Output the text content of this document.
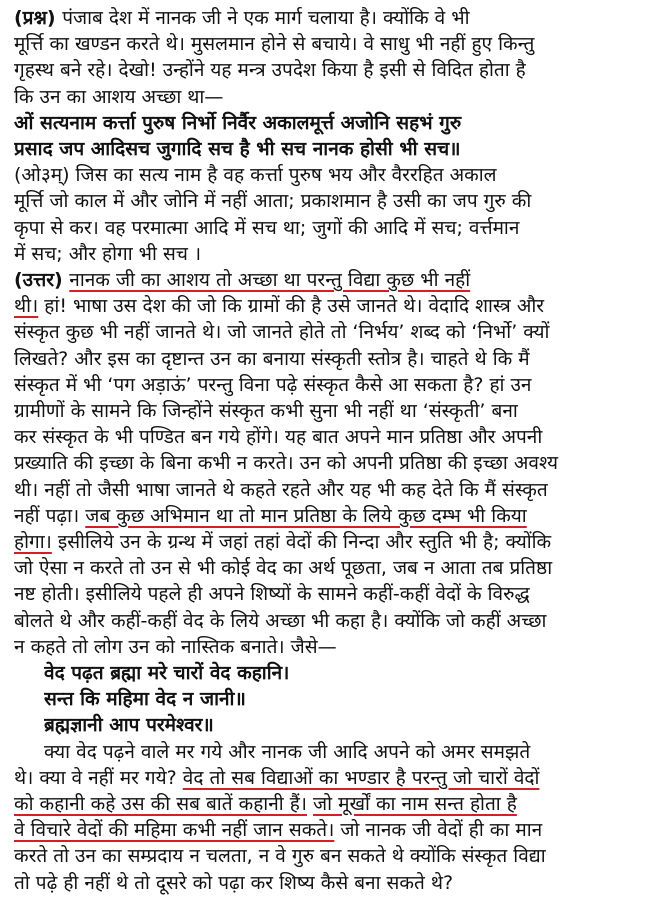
(प्रश्न) पंजाब देश में नानक जी ने एक मार्ग चलाया है। क्योंकि वे भी
मूर्त्ति का खण्डन करते थे। मुसलमान होने से बचाये। वे साधु भी नहीं हुए किन्तु
गृहस्थ बने रहे। देखो! उन्होंने यह मन्त्र उपदेश किया है इसी से विदित होता है
कि उन का आशय अच्छा था—
ओं सत्यनाम कर्त्ता पुरुष निर्भो निर्वैर अकालमूर्त्त अजोनि सहभं गुरु
प्रसाद जप आदिसच जुगादि सच है भी सच नानक होसी भी सच॥
(ओ३म्) जिस का सत्य नाम है वह कर्त्ता पुरुष भय और वैररहित अकाल
मूर्त्ति जो काल में और जोनि में नहीं आता; प्रकाशमान है उसी का जप गुरु की
कृपा से कर। वह परमात्मा आदि में सच था; जुगों की आदि में सच; वर्त्तमान
में सच; और होगा भी सच ।
(उत्तर) नानक जी का आशय तो अच्छा था परन्तु विद्या कुछ भी नहीं
थी। हां! भाषा उस देश की जो कि ग्रामों की है उसे जानते थे। वेदादि शास्त्र और
संस्कृत कुछ भी नहीं जानते थे। जो जानते होते तो ‘निर्भय’ शब्द को ‘निर्भो’ क्यों
लिखते? और इस का दृष्टान्त उन का बनाया संस्कृती स्तोत्र है। चाहते थे कि मैं
संस्कृत में भी ‘पग अड़ाऊं’ परन्तु विना पढ़े संस्कृत कैसे आ सकता है? हां उन
ग्रामीणों के सामने कि जिन्होंने संस्कृत कभी सुना भी नहीं था ‘संस्कृती’ बना
कर संस्कृत के भी पण्डित बन गये होंगे। यह बात अपने मान प्रतिष्ठा और अपनी
प्रख्याति की इच्छा के बिना कभी न करते। उन को अपनी प्रतिष्ठा की इच्छा अवश्य
थी। नहीं तो जैसी भाषा जानते थे कहते रहते और यह भी कह देते कि मैं संस्कृत
नहीं पढ़ा। जब कुछ अभिमान था तो मान प्रतिष्ठा के लिये कुछ दम्भ भी किया
होगा। इसीलिये उन के ग्रन्थ में जहां तहां वेदों की निन्दा और स्तुति भी है; क्योंकि
जो ऐसा न करते तो उन से भी कोई वेद का अर्थ पूछता, जब न आता तब प्रतिष्ठा
नष्ट होती। इसीलिये पहले ही अपने शिष्यों के सामने कहीं-कहीं वेदों के विरुद्ध
बोलते थे और कहीं-कहीं वेद के लिये अच्छा भी कहा है। क्योंकि जो कहीं अच्छा
न कहते तो लोग उन को नास्तिक बनाते। जैसे—
वेद पढ़त ब्रह्मा मरे चारों वेद कहानि।
सन्त कि महिमा वेद न जानी॥
ब्रह्मज्ञानी आप परमेश्वर॥
क्या वेद पढ़ने वाले मर गये और नानक जी आदि अपने को अमर समझते
थे। क्या वे नहीं मर गये? वेद तो सब विद्याओं का भण्डार है परन्तु जो चारों वेदों
को कहानी कहे उस की सब बातें कहानी हैं। जो मूर्खों का नाम सन्त होता है
वे विचारे वेदों की महिमा कभी नहीं जान सकते। जो नानक जी वेदों ही का मान
करते तो उन का सम्प्रदाय न चलता, न वे गुरु बन सकते थे क्योंकि संस्कृत विद्या
तो पढ़े ही नहीं थे तो दूसरे को पढ़ा कर शिष्य कैसे बना सकते थे?
